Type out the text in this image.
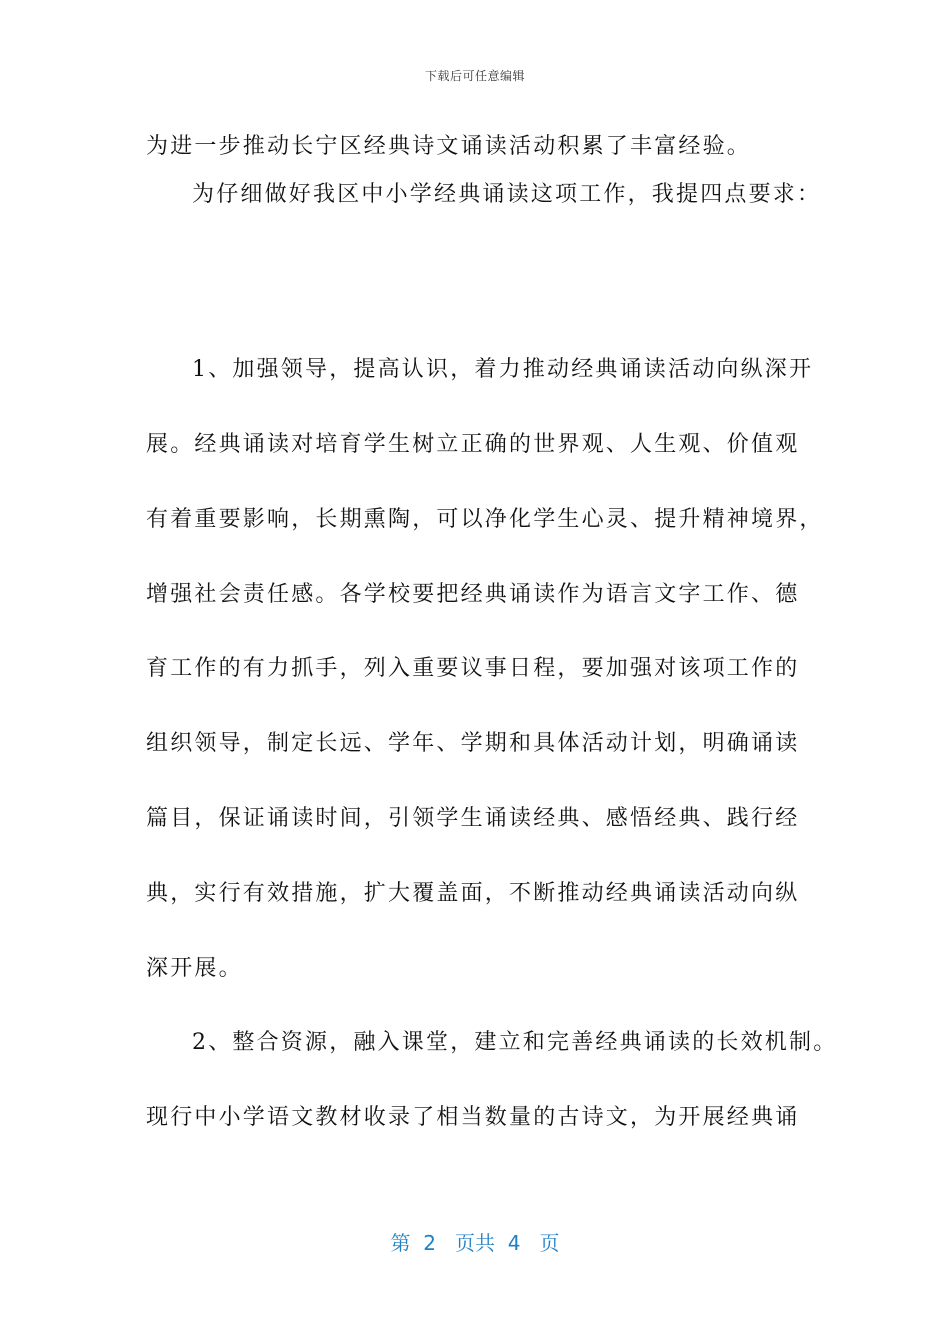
下载后可任意编辑
为进一步推动长宁区经典诗文诵读活动积累了丰富经验。
为仔细做好我区中小学经典诵读这项工作，我提四点要求：
1、加强领导，提高认识，着力推动经典诵读活动向纵深开
展。经典诵读对培育学生树立正确的世界观、人生观、价值观
有着重要影响，长期熏陶，可以净化学生心灵、提升精神境界，
增强社会责任感。各学校要把经典诵读作为语言文字工作、德
育工作的有力抓手，列入重要议事日程，要加强对该项工作的
组织领导，制定长远、学年、学期和具体活动计划，明确诵读
篇目，保证诵读时间，引领学生诵读经典、感悟经典、践行经
典，实行有效措施，扩大覆盖面，不断推动经典诵读活动向纵
深开展。
2、整合资源，融入课堂，建立和完善经典诵读的长效机制。
现行中小学语文教材收录了相当数量的古诗文，为开展经典诵
第  2   页共  4   页
